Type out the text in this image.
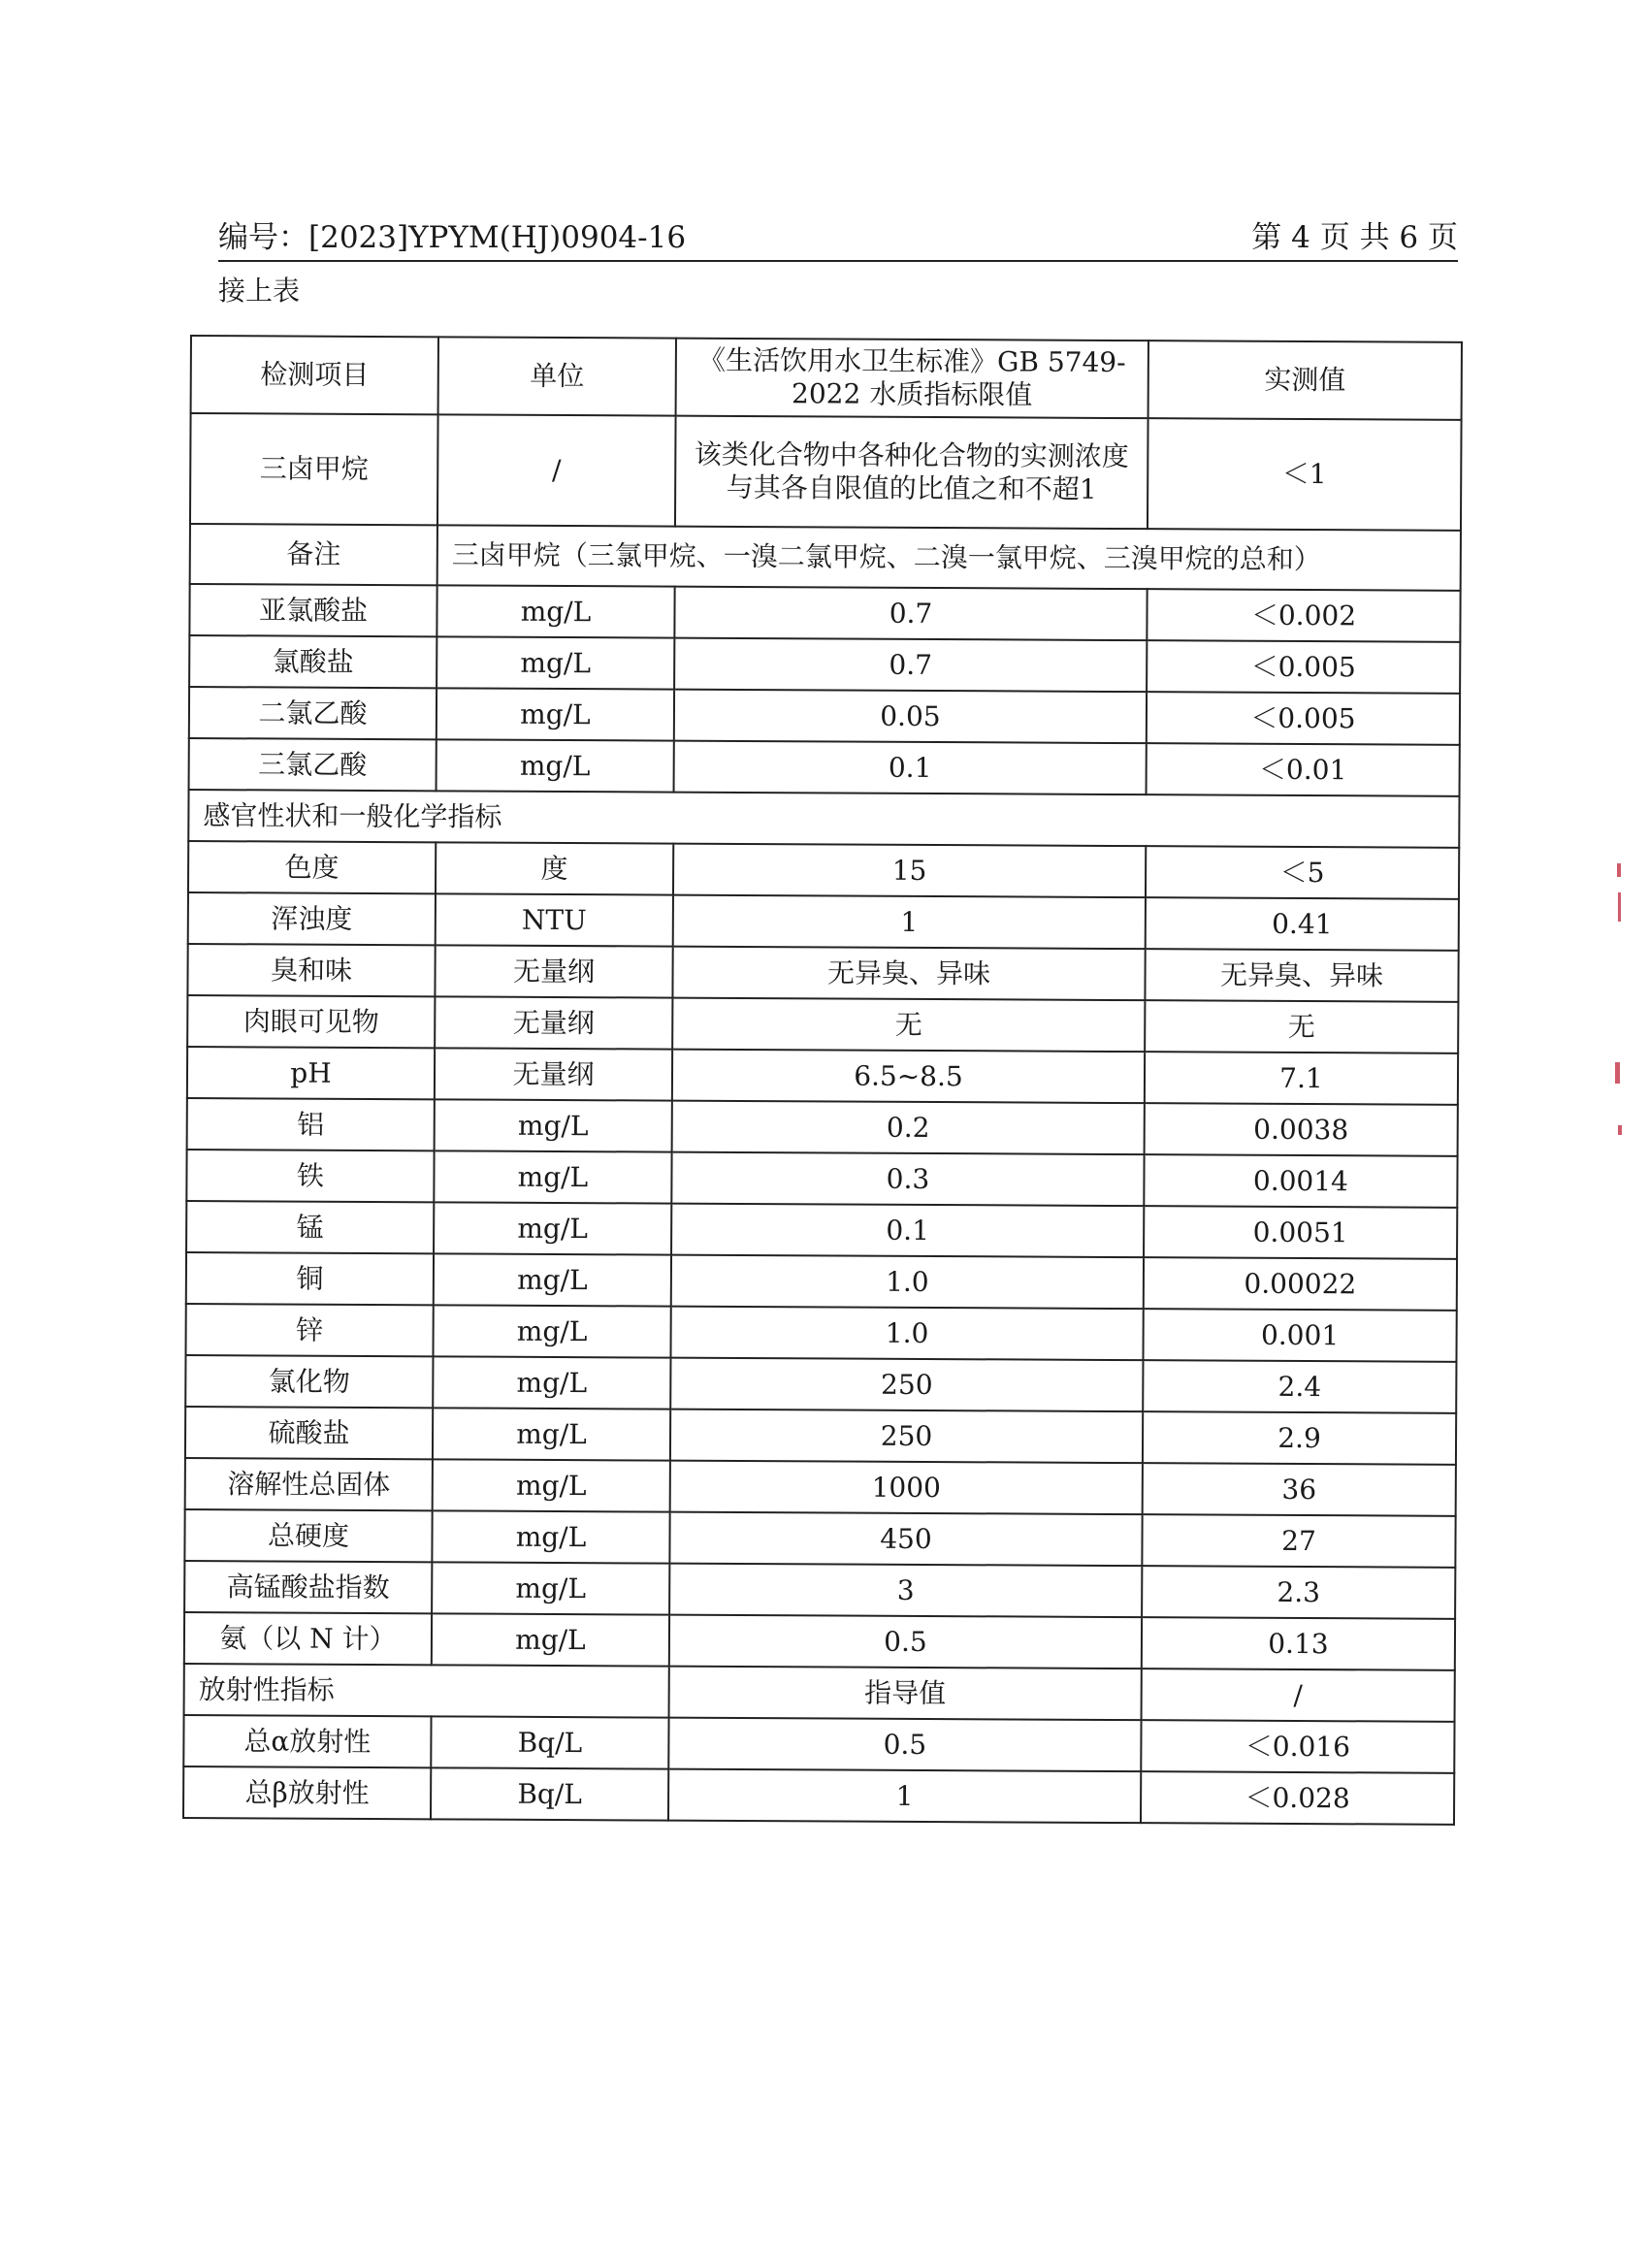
编号：[2023]YPYM(HJ)0904-16	第 4 页 共 6 页
接上表
检测项目	单位	《生活饮用水卫生标准》GB 5749-2022 水质指标限值	实测值
三卤甲烷	/	该类化合物中各种化合物的实测浓度与其各自限值的比值之和不超1	＜1
备注	三卤甲烷（三氯甲烷、一溴二氯甲烷、二溴一氯甲烷、三溴甲烷的总和）		
亚氯酸盐	mg/L	0.7	＜0.002
氯酸盐	mg/L	0.7	＜0.005
二氯乙酸	mg/L	0.05	＜0.005
三氯乙酸	mg/L	0.1	＜0.01
感官性状和一般化学指标			
色度	度	15	＜5
浑浊度	NTU	1	0.41
臭和味	无量纲	无异臭、异味	无异臭、异味
肉眼可见物	无量纲	无	无
pH	无量纲	6.5~8.5	7.1
铝	mg/L	0.2	0.0038
铁	mg/L	0.3	0.0014
锰	mg/L	0.1	0.0051
铜	mg/L	1.0	0.00022
锌	mg/L	1.0	0.001
氯化物	mg/L	250	2.4
硫酸盐	mg/L	250	2.9
溶解性总固体	mg/L	1000	36
总硬度	mg/L	450	27
高锰酸盐指数	mg/L	3	2.3
氨（以 N 计）	mg/L	0.5	0.13
放射性指标		指导值	/
总α放射性	Bq/L	0.5	＜0.016
总β放射性	Bq/L	1	＜0.028
